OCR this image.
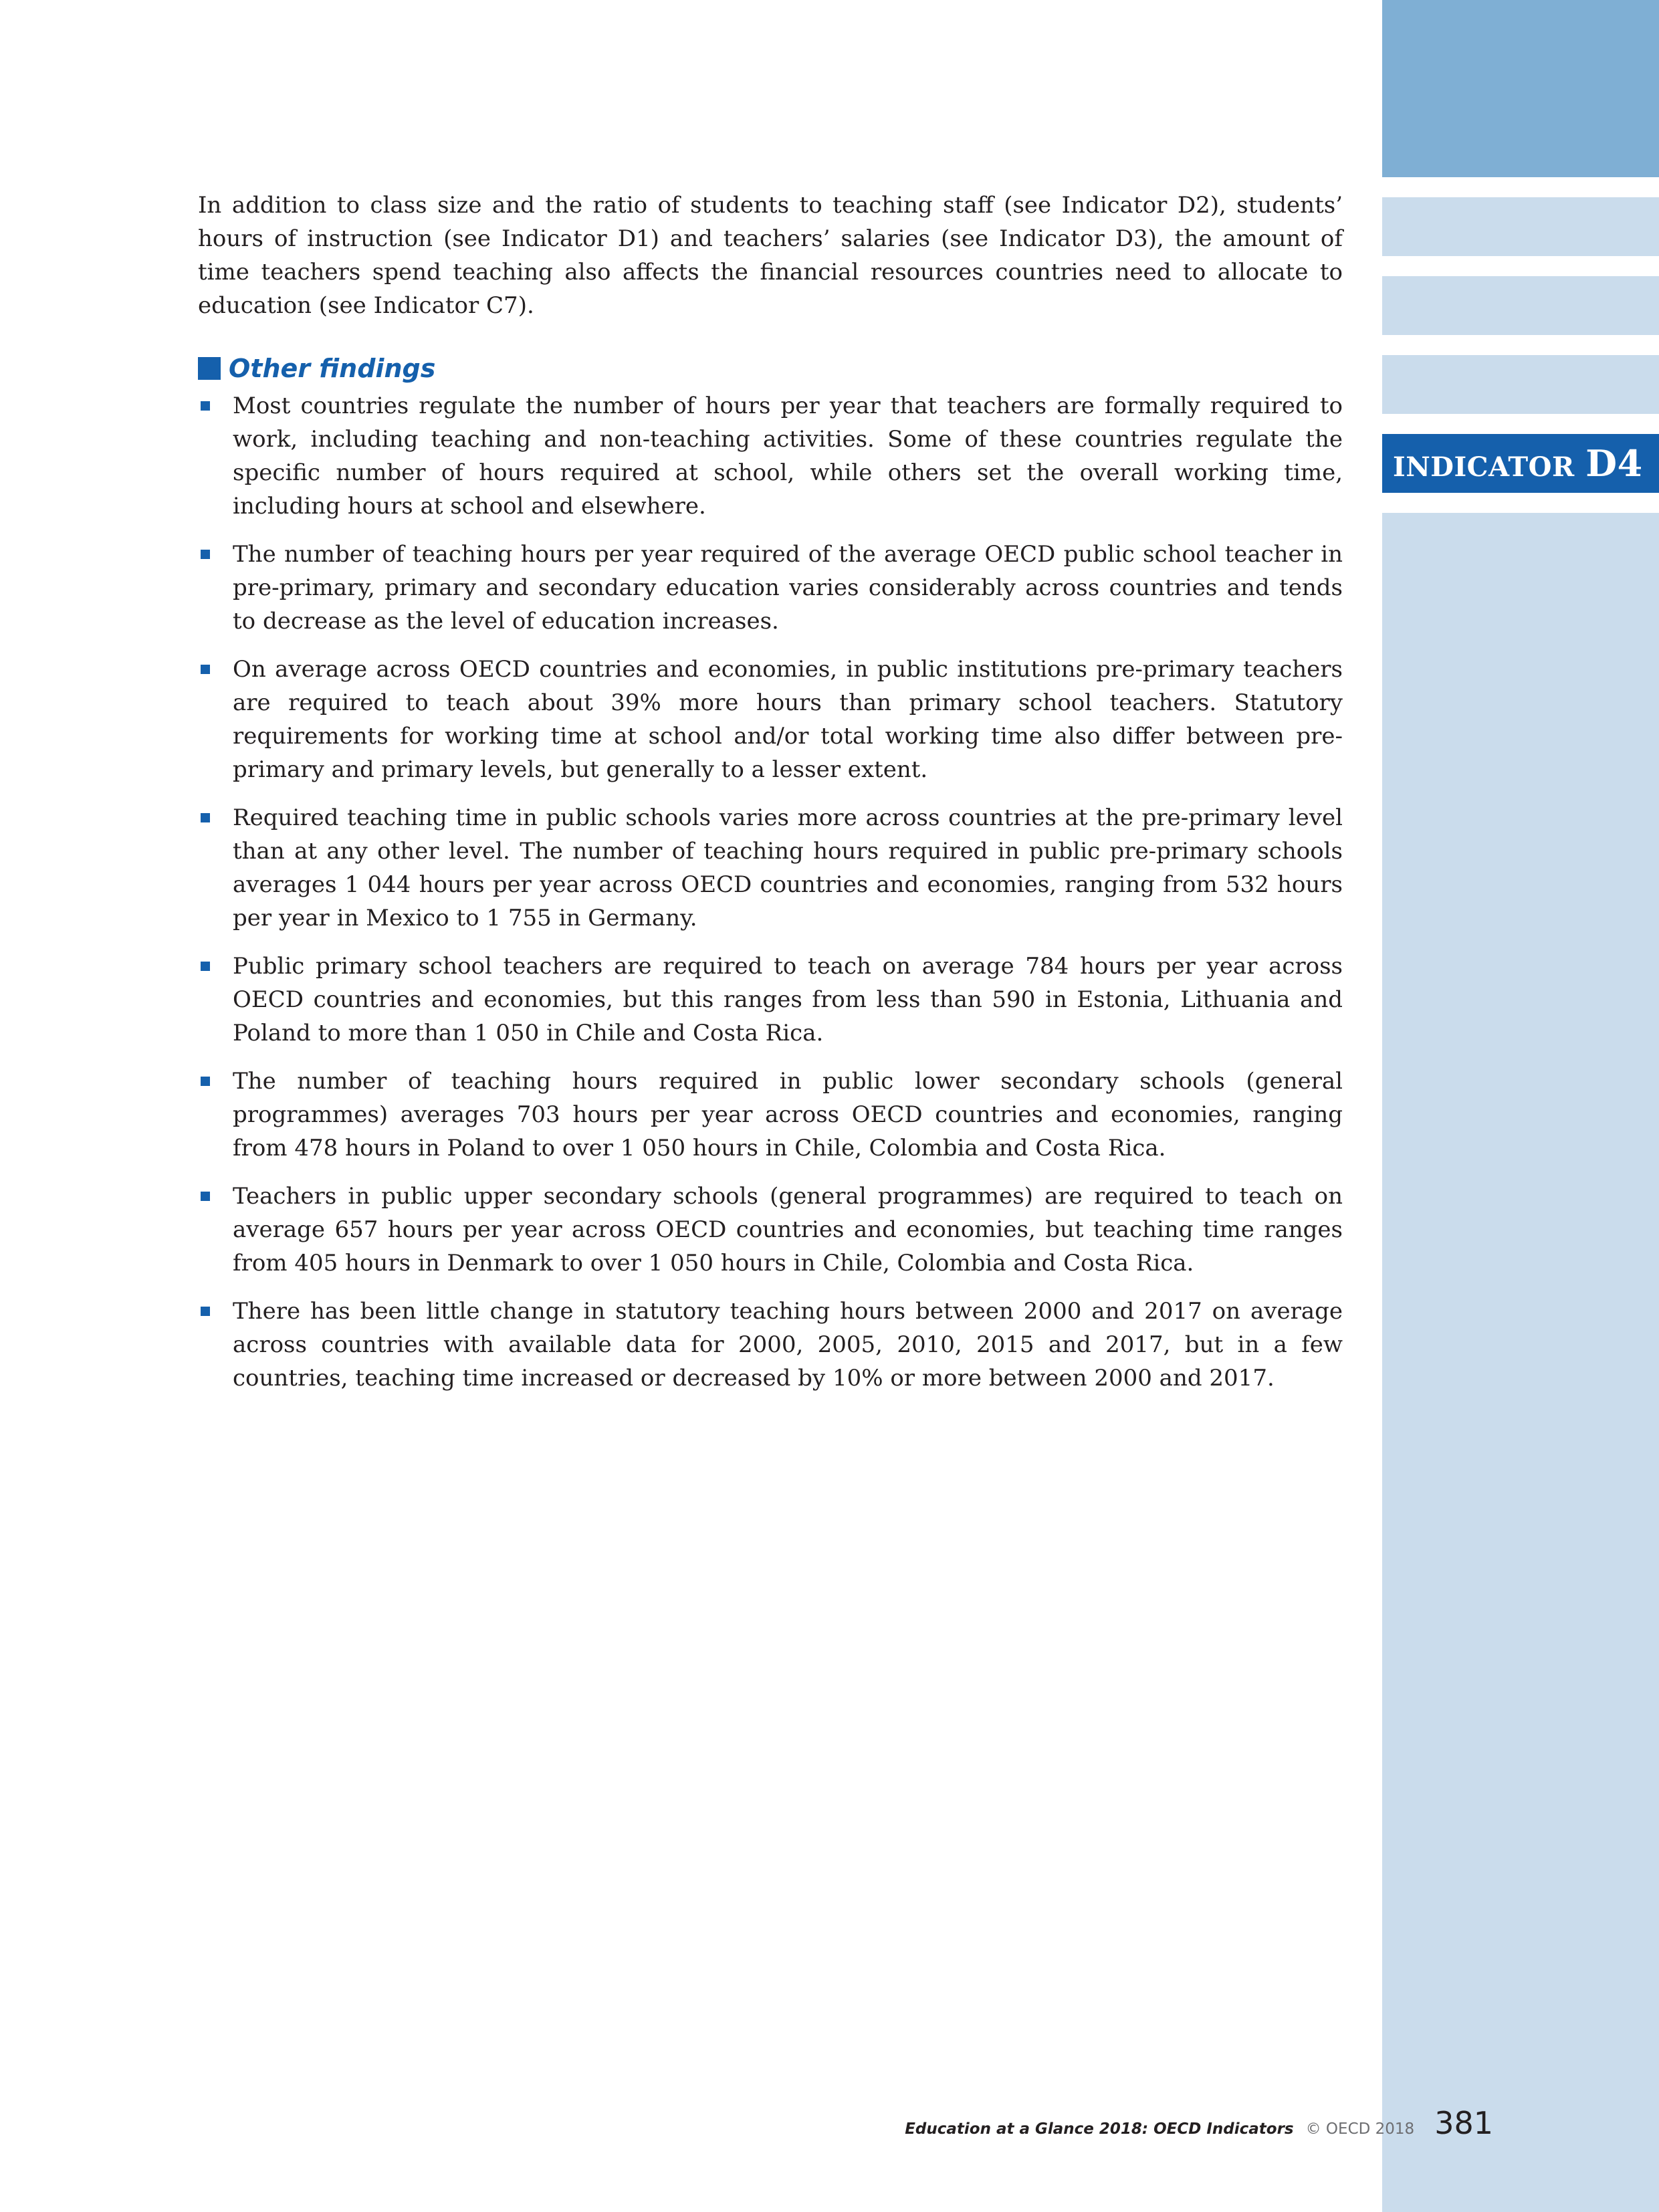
INDICATOR D4

In addition to class size and the ratio of students to teaching staff (see Indicator D2), students’ hours of instruction (see Indicator D1) and teachers’ salaries (see Indicator D3), the amount of time teachers spend teaching also affects the financial resources countries need to allocate to education (see Indicator C7).

Other findings
Most countries regulate the number of hours per year that teachers are formally required to work, including teaching and non-teaching activities. Some of these countries regulate the specific number of hours required at school, while others set the overall working time, including hours at school and elsewhere.
The number of teaching hours per year required of the average OECD public school teacher in pre-primary, primary and secondary education varies considerably across countries and tends to decrease as the level of education increases.
On average across OECD countries and economies, in public institutions pre-primary teachers are required to teach about 39% more hours than primary school teachers. Statutory requirements for working time at school and/or total working time also differ between pre-primary and primary levels, but generally to a lesser extent.
Required teaching time in public schools varies more across countries at the pre-primary level than at any other level. The number of teaching hours required in public pre-primary schools averages 1 044 hours per year across OECD countries and economies, ranging from 532 hours per year in Mexico to 1 755 in Germany.
Public primary school teachers are required to teach on average 784 hours per year across OECD countries and economies, but this ranges from less than 590 in Estonia, Lithuania and Poland to more than 1 050 in Chile and Costa Rica.
The number of teaching hours required in public lower secondary schools (general programmes) averages 703 hours per year across OECD countries and economies, ranging from 478 hours in Poland to over 1 050 hours in Chile, Colombia and Costa Rica.
Teachers in public upper secondary schools (general programmes) are required to teach on average 657 hours per year across OECD countries and economies, but teaching time ranges from 405 hours in Denmark to over 1 050 hours in Chile, Colombia and Costa Rica.
There has been little change in statutory teaching hours between 2000 and 2017 on average across countries with available data for 2000, 2005, 2010, 2015 and 2017, but in a few countries, teaching time increased or decreased by 10% or more between 2000 and 2017.
Education at a Glance 2018: OECD Indicators © OECD 2018 381
